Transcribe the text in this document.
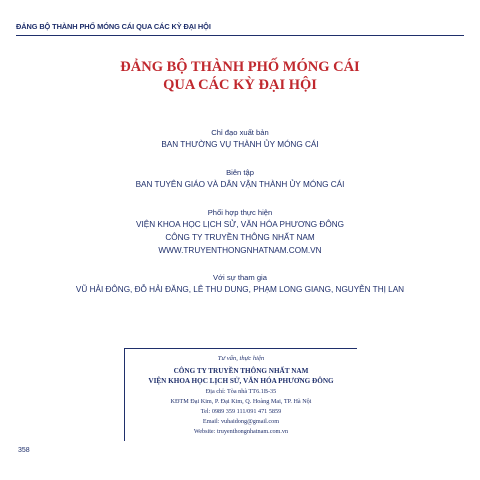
ĐẢNG BỘ THÀNH PHỐ MÓNG CÁI QUA CÁC KỲ ĐẠI HỘI
ĐẢNG BỘ THÀNH PHỐ MÓNG CÁI
QUA CÁC KỲ ĐẠI HỘI
Chỉ đạo xuất bản
BAN THƯỜNG VỤ THÀNH ỦY MÓNG CÁI
Biên tập
BAN TUYÊN GIÁO VÀ DÂN VẬN THÀNH ỦY MÓNG CÁI
Phối hợp thực hiện
VIỆN KHOA HỌC LỊCH SỬ, VĂN HÓA PHƯƠNG ĐÔNG
CÔNG TY TRUYỀN THÔNG NHẤT NAM
WWW.TRUYENTHONGNHATNAM.COM.VN
Với sự tham gia
VŨ HẢI ĐÔNG, ĐỖ HẢI ĐĂNG, LÊ THU DUNG, PHẠM LONG GIANG, NGUYỄN THỊ LAN
Tư vấn, thực hiện
CÔNG TY TRUYỀN THÔNG NHẤT NAM
VIỆN KHOA HỌC LỊCH SỬ, VĂN HÓA PHƯƠNG ĐÔNG
Địa chỉ: Tòa nhà TT6.1B-35
KĐTM Đại Kim, P. Đại Kim, Q. Hoàng Mai, TP. Hà Nội
Tel: 0989 359 111/091 471 5859
Email: vuhaidong@gmail.com
Website: truyenthongnhatnam.com.vn
358
